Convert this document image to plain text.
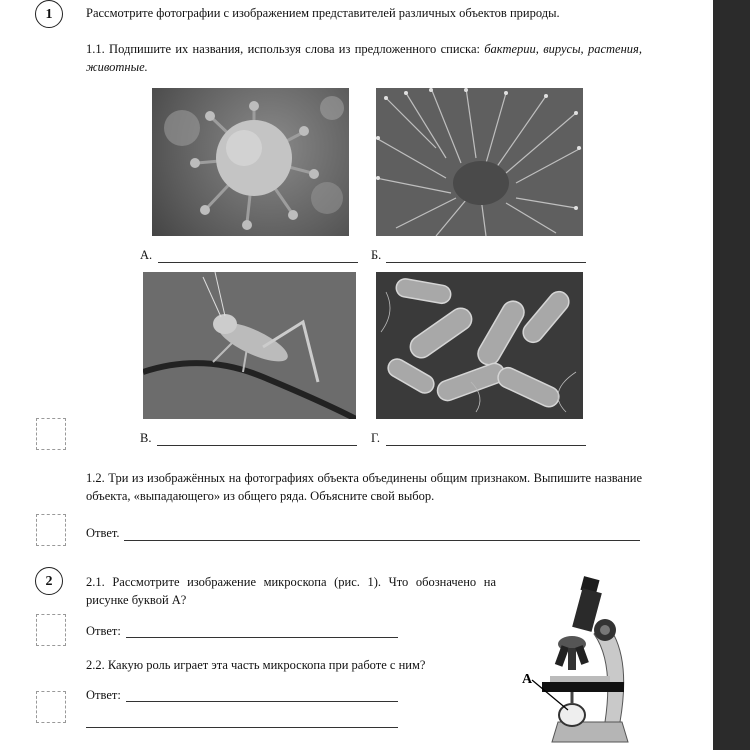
1	Рассмотрите фотографии с изображением представителей различных объектов природы.
1.1. Подпишите их названия, используя слова из предложенного списка: бактерии, вирусы, растения, животные.
А.	Б.
В.	Г.
1.2. Три из изображённых на фотографиях объекта объединены общим признаком. Выпишите название объекта, «выпадающего» из общего ряда. Объясните свой выбор.
Ответ.
2	2.1. Рассмотрите изображение микроскопа (рис. 1). Что обозначено на рисунке буквой А?
Ответ:
2.2. Какую роль играет эта часть микроскопа при работе с ним?
Ответ:
А
